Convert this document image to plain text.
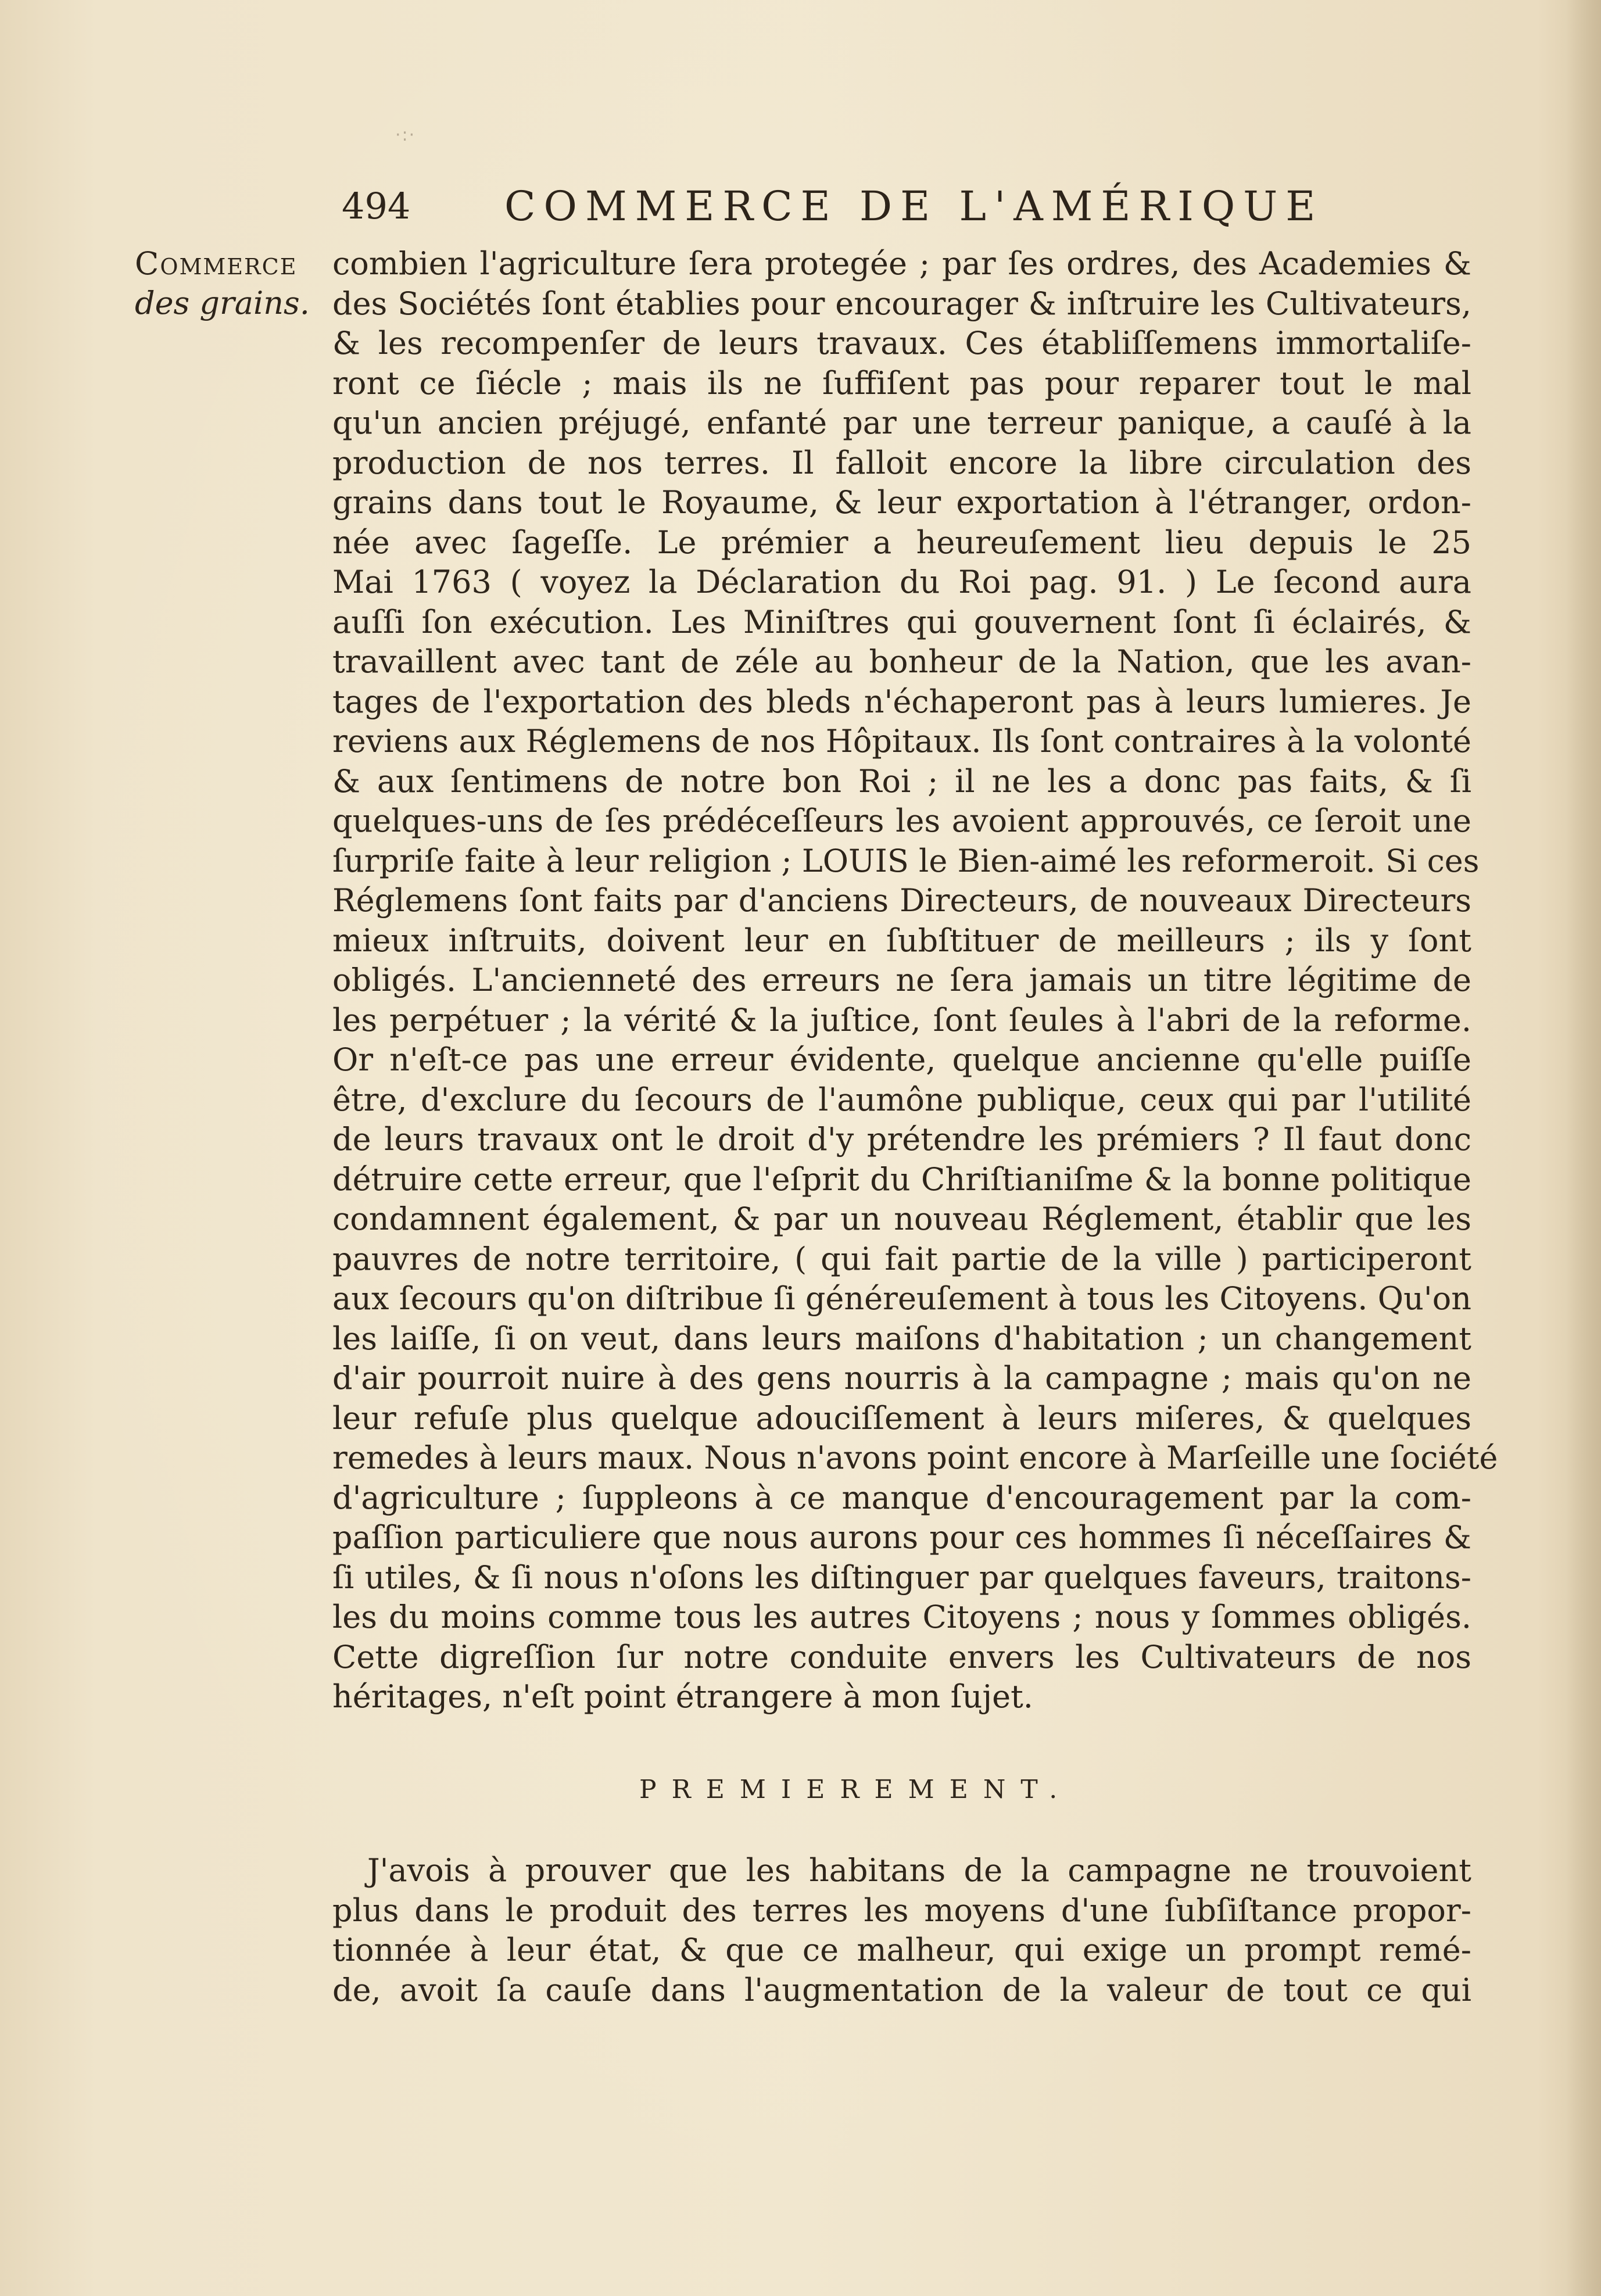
·:·
494 COMMERCE DE L'AMÉRIQUE
Commerce
des grains.
combien l'agriculture ſera protegée ; par ſes ordres, des Academies &
des Sociétés ſont établies pour encourager & inſtruire les Cultivateurs,
& les recompenſer de leurs travaux. Ces établiſſemens immortaliſe-
ront ce ſiécle ; mais ils ne ſuffiſent pas pour reparer tout le mal
qu'un ancien préjugé, enfanté par une terreur panique, a cauſé à la
production de nos terres. Il falloit encore la libre circulation des
grains dans tout le Royaume, & leur exportation à l'étranger, ordon-
née avec ſageſſe. Le prémier a heureuſement lieu depuis le 25
Mai 1763 ( voyez la Déclaration du Roi pag. 91. ) Le ſecond aura
auſſi ſon exécution. Les Miniſtres qui gouvernent ſont ſi éclairés, &
travaillent avec tant de zéle au bonheur de la Nation, que les avan-
tages de l'exportation des bleds n'échaperont pas à leurs lumieres. Je
reviens aux Réglemens de nos Hôpitaux. Ils ſont contraires à la volonté
& aux ſentimens de notre bon Roi ; il ne les a donc pas faits, & ſi
quelques-uns de ſes prédéceſſeurs les avoient approuvés, ce ſeroit une
ſurpriſe faite à leur religion ; LOUIS le Bien-aimé les reformeroit. Si ces
Réglemens ſont faits par d'anciens Directeurs, de nouveaux Directeurs
mieux inſtruits, doivent leur en ſubſtituer de meilleurs ; ils y ſont
obligés. L'ancienneté des erreurs ne ſera jamais un titre légitime de
les perpétuer ; la vérité & la juſtice, ſont ſeules à l'abri de la reforme.
Or n'eſt-ce pas une erreur évidente, quelque ancienne qu'elle puiſſe
être, d'exclure du ſecours de l'aumône publique, ceux qui par l'utilité
de leurs travaux ont le droit d'y prétendre les prémiers ? Il faut donc
détruire cette erreur, que l'eſprit du Chriſtianiſme & la bonne politique
condamnent également, & par un nouveau Réglement, établir que les
pauvres de notre territoire, ( qui fait partie de la ville ) participeront
aux ſecours qu'on diſtribue ſi généreuſement à tous les Citoyens. Qu'on
les laiſſe, ſi on veut, dans leurs maiſons d'habitation ; un changement
d'air pourroit nuire à des gens nourris à la campagne ; mais qu'on ne
leur refuſe plus quelque adouciſſement à leurs miſeres, & quelques
remedes à leurs maux. Nous n'avons point encore à Marſeille une ſociété
d'agriculture ; ſuppleons à ce manque d'encouragement par la com-
paſſion particuliere que nous aurons pour ces hommes ſi néceſſaires &
ſi utiles, & ſi nous n'oſons les diſtinguer par quelques faveurs, traitons-
les du moins comme tous les autres Citoyens ; nous y ſommes obligés.
Cette digreſſion ſur notre conduite envers les Cultivateurs de nos
héritages, n'eſt point étrangere à mon ſujet.
PREMIEREMENT.
J'avois à prouver que les habitans de la campagne ne trouvoient
plus dans le produit des terres les moyens d'une ſubſiſtance propor-
tionnée à leur état, & que ce malheur, qui exige un prompt remé-
de, avoit ſa cauſe dans l'augmentation de la valeur de tout ce qui
